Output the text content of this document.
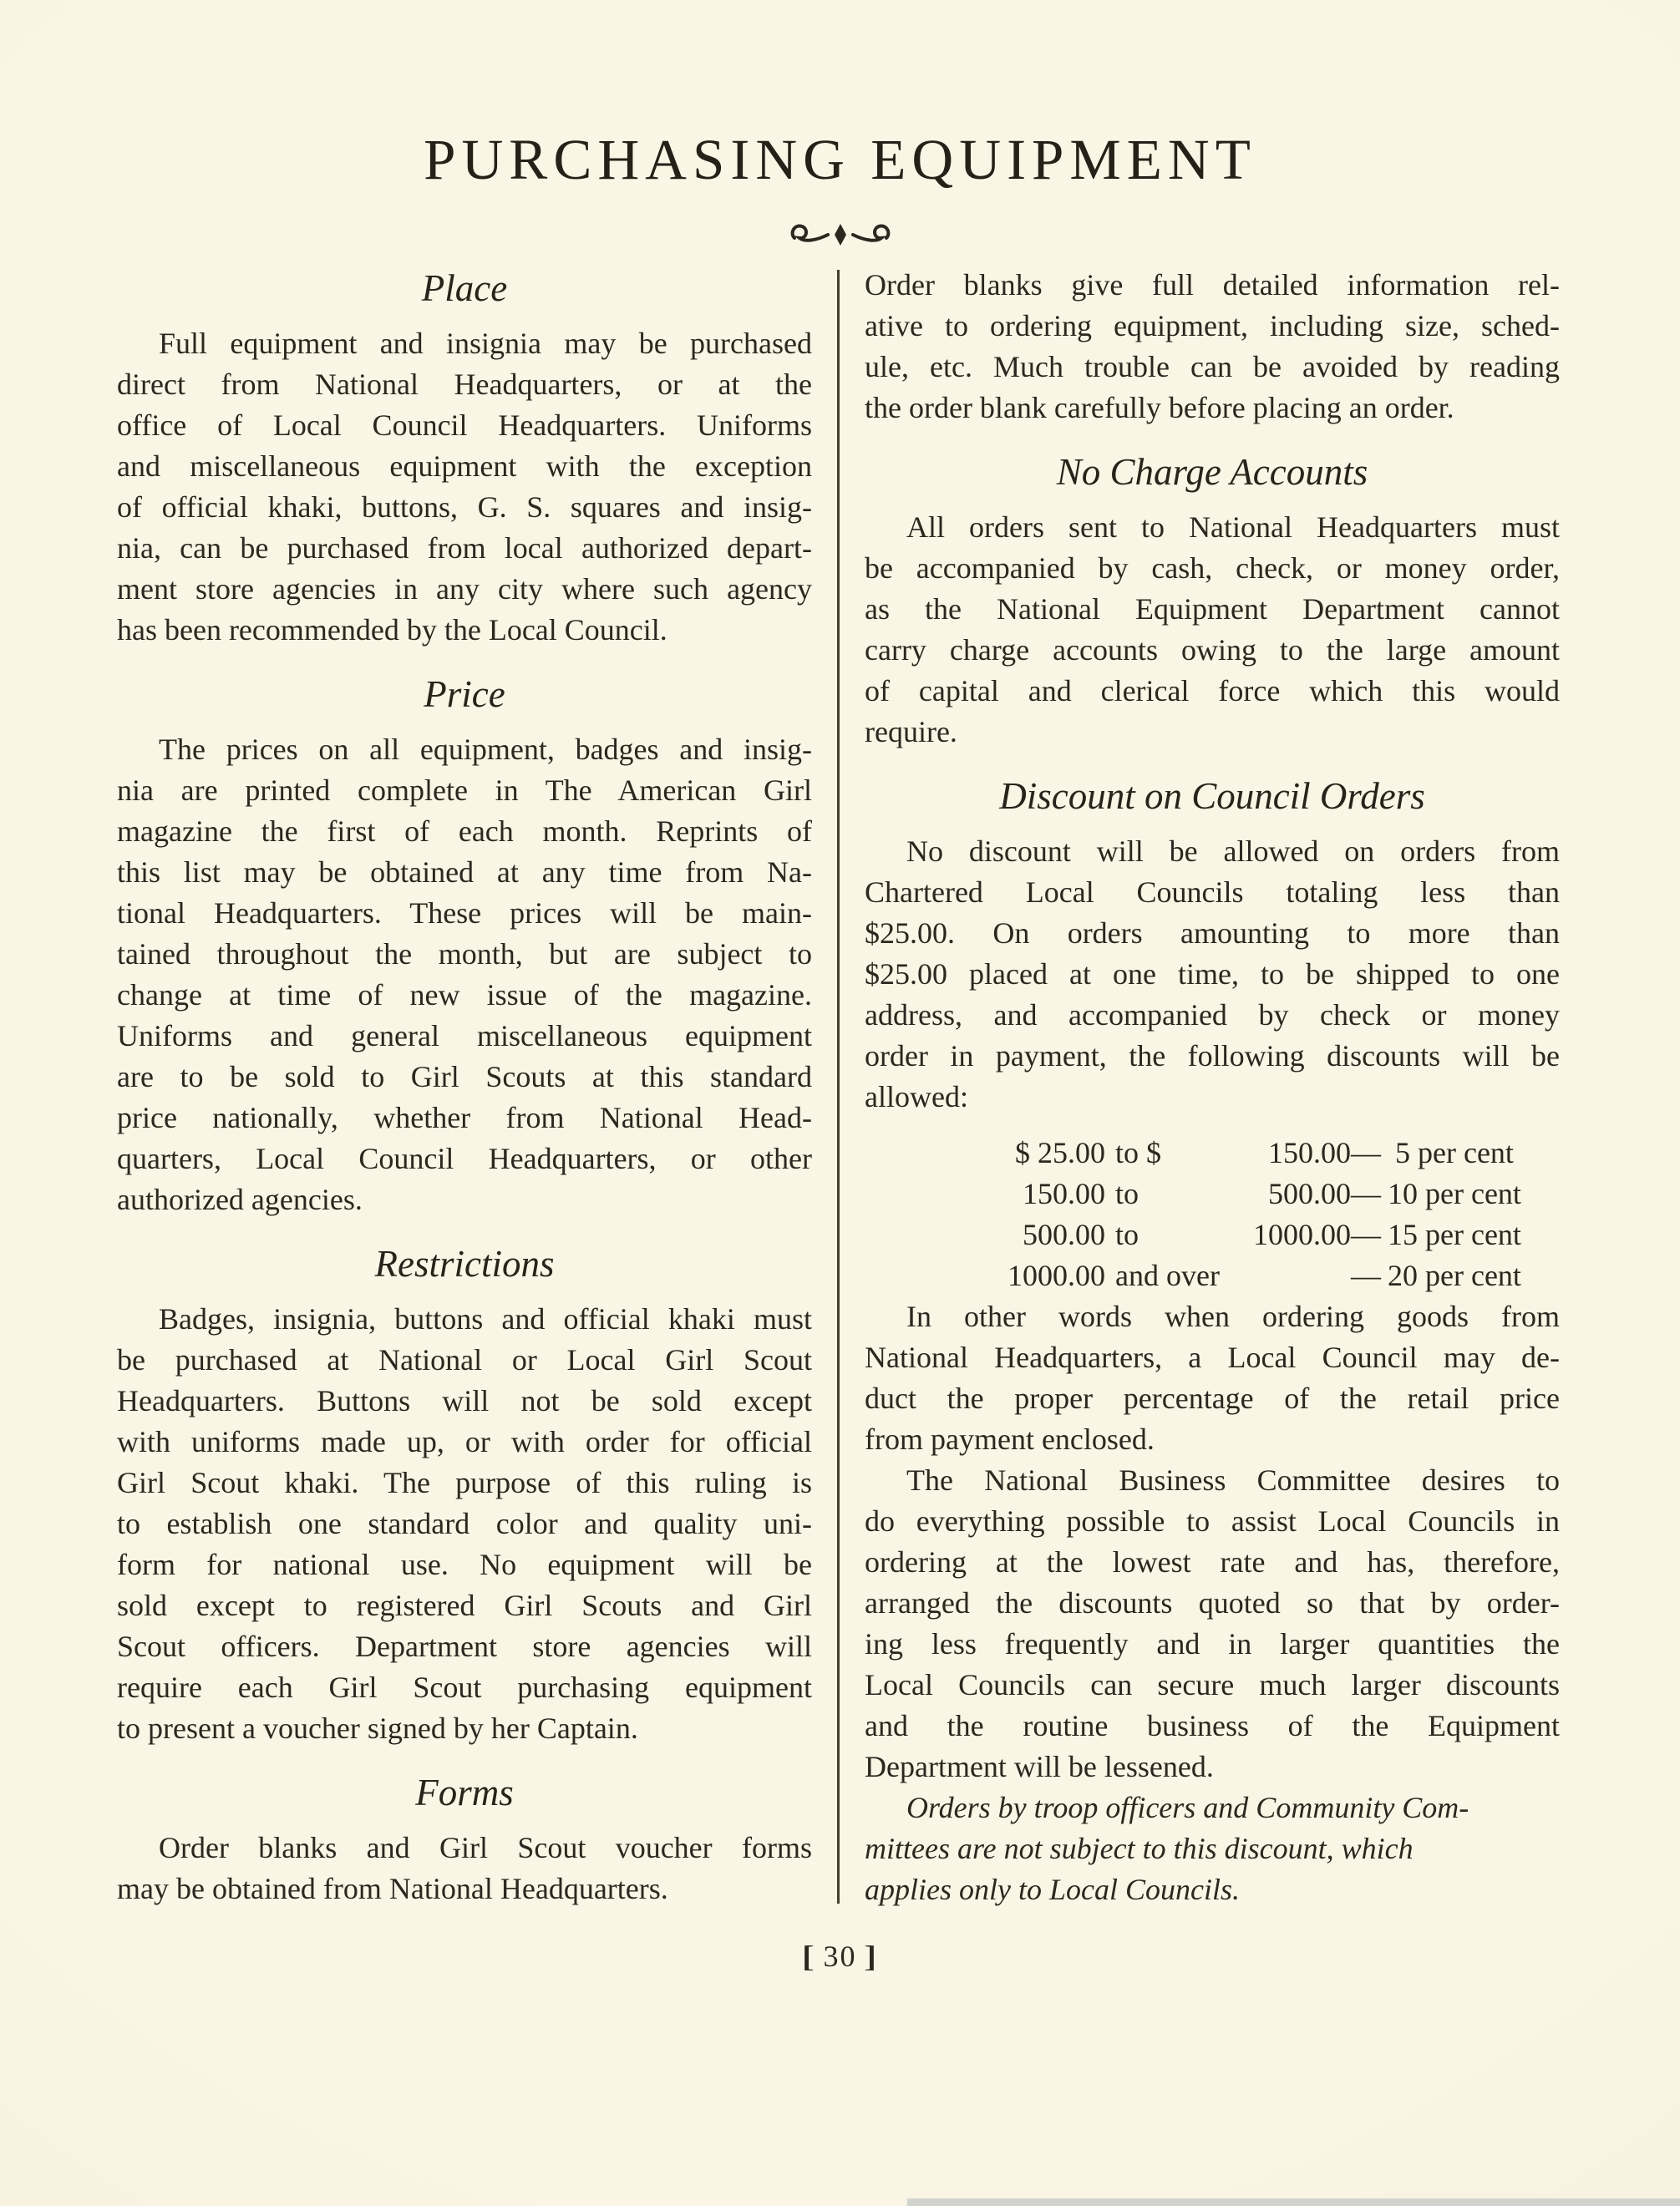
PURCHASING EQUIPMENT
Place
Full equipment and insignia may be purchased
direct from National Headquarters, or at the
office of Local Council Headquarters. Uniforms
and miscellaneous equipment with the exception
of official khaki, buttons, G. S. squares and insig-
nia, can be purchased from local authorized depart-
ment store agencies in any city where such agency
has been recommended by the Local Council.
Price
The prices on all equipment, badges and insig-
nia are printed complete in The American Girl
magazine the first of each month. Reprints of
this list may be obtained at any time from Na-
tional Headquarters. These prices will be main-
tained throughout the month, but are subject to
change at time of new issue of the magazine.
Uniforms and general miscellaneous equipment
are to be sold to Girl Scouts at this standard
price nationally, whether from National Head-
quarters, Local Council Headquarters, or other
authorized agencies.
Restrictions
Badges, insignia, buttons and official khaki must
be purchased at National or Local Girl Scout
Headquarters. Buttons will not be sold except
with uniforms made up, or with order for official
Girl Scout khaki. The purpose of this ruling is
to establish one standard color and quality uni-
form for national use. No equipment will be
sold except to registered Girl Scouts and Girl
Scout officers. Department store agencies will
require each Girl Scout purchasing equipment
to present a voucher signed by her Captain.
Forms
Order blanks and Girl Scout voucher forms
may be obtained from National Headquarters.
Order blanks give full detailed information rel-
ative to ordering equipment, including size, sched-
ule, etc. Much trouble can be avoided by reading
the order blank carefully before placing an order.
No Charge Accounts
All orders sent to National Headquarters must
be accompanied by cash, check, or money order,
as the National Equipment Department cannot
carry charge accounts owing to the large amount
of capital and clerical force which this would
require.
Discount on Council Orders
No discount will be allowed on orders from
Chartered Local Councils totaling less than
$25.00. On orders amounting to more than
$25.00 placed at one time, to be shipped to one
address, and accompanied by check or money
order in payment, the following discounts will be
allowed:
$ 25.00 to $	150.00— 5 per cent
150.00 to	500.00— 10 per cent
500.00 to	1000.00— 15 per cent
1000.00 and over	— 20 per cent
In other words when ordering goods from
National Headquarters, a Local Council may de-
duct the proper percentage of the retail price
from payment enclosed.
The National Business Committee desires to
do everything possible to assist Local Councils in
ordering at the lowest rate and has, therefore,
arranged the discounts quoted so that by order-
ing less frequently and in larger quantities the
Local Councils can secure much larger discounts
and the routine business of the Equipment
Department will be lessened.
Orders by troop officers and Community Com-
mittees are not subject to this discount, which
applies only to Local Councils.
[ 30 ]
